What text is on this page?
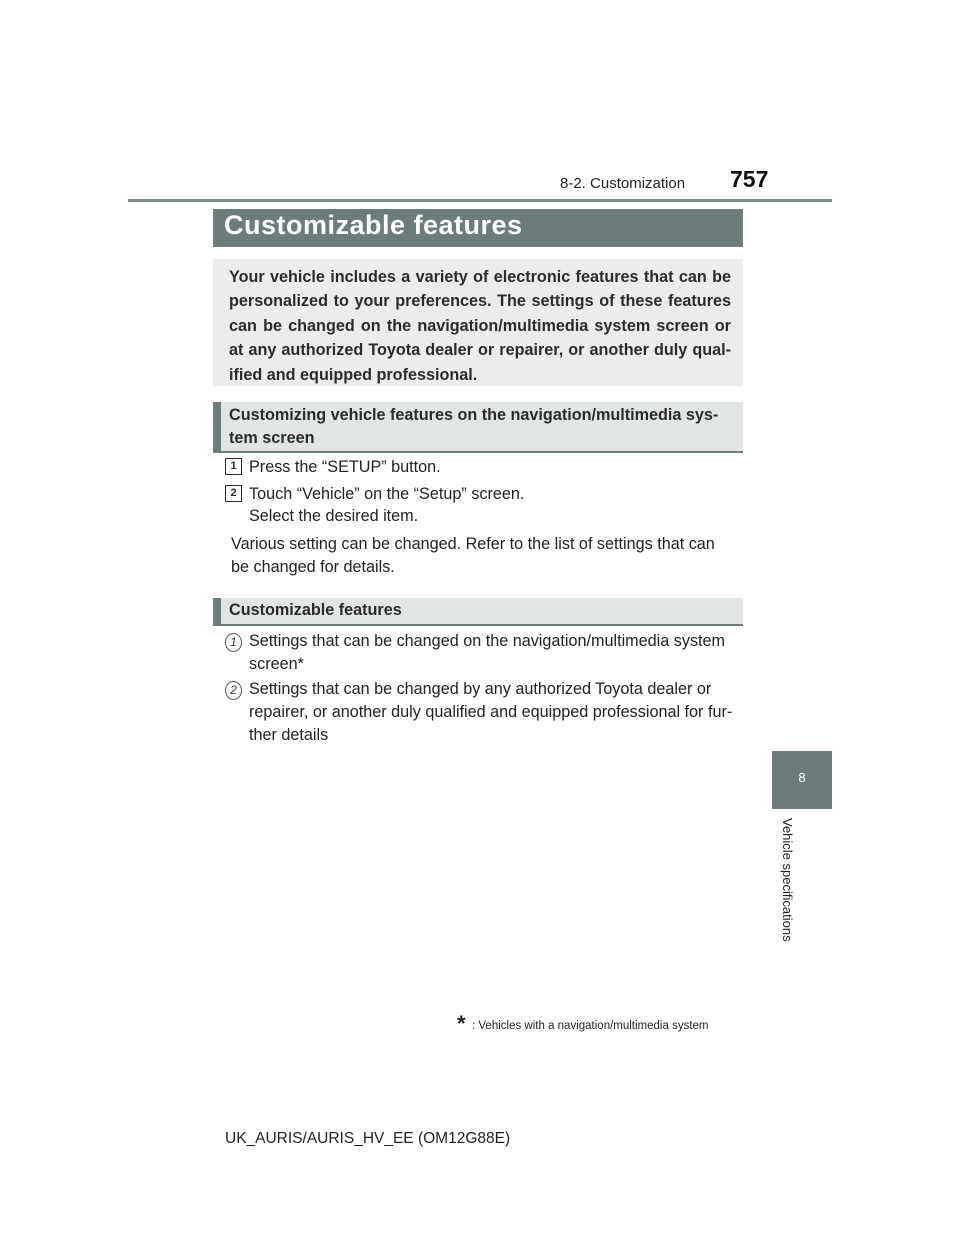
8-2. Customization 757
Customizable features
Your vehicle includes a variety of electronic features that can be personalized to your preferences. The settings of these features can be changed on the navigation/multimedia system screen or at any authorized Toyota dealer or repairer, or another duly qual-ified and equipped professional.
Customizing vehicle features on the navigation/multimedia sys-
tem screen
1 Press the “SETUP” button.
2 Touch “Vehicle” on the “Setup” screen.
Select the desired item.
Various setting can be changed. Refer to the list of settings that can
be changed for details.
Customizable features
1 Settings that can be changed on the navigation/multimedia system
screen*
2 Settings that can be changed by any authorized Toyota dealer or
repairer, or another duly qualified and equipped professional for fur-
ther details
8
Vehicle specifications
* : Vehicles with a navigation/multimedia system
UK_AURIS/AURIS_HV_EE (OM12G88E)
